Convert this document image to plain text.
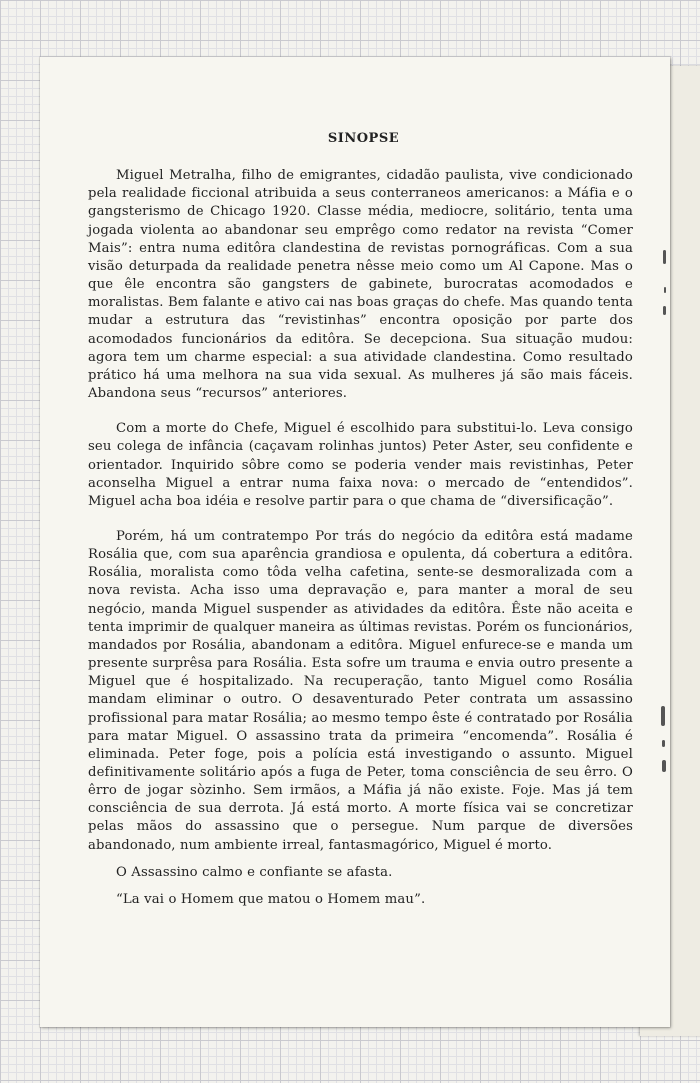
SINOPSE

Miguel Metralha, filho de emigrantes, cidadão paulista, vive condicionado pela realidade ficcional atribuida a seus conterraneos americanos: a Máfia e o gangsterismo de Chicago 1920. Classe média, mediocre, solitário, tenta uma jogada violenta ao abandonar seu emprêgo como redator na revista “Comer Mais”: entra numa editôra clandestina de revistas pornográficas. Com a sua visão deturpada da realidade penetra nêsse meio como um Al Capone. Mas o que êle encontra são gangsters de gabinete, burocratas acomodados e moralistas. Bem falante e ativo cai nas boas graças do chefe. Mas quando tenta mudar a estrutura das “revistinhas” encontra oposição por parte dos acomodados funcionários da editôra. Se decepciona. Sua situação mudou: agora tem um charme especial: a sua atividade clandestina. Como resultado prático há uma melhora na sua vida sexual. As mulheres já são mais fáceis. Abandona seus “recursos” anteriores.

Com a morte do Chefe, Miguel é escolhido para substitui-lo. Leva consigo seu colega de infância (caçavam rolinhas juntos) Peter Aster, seu confidente e orientador. Inquirido sôbre como se poderia vender mais revistinhas, Peter aconselha Miguel a entrar numa faixa nova: o mercado de “entendidos”. Miguel acha boa idéia e resolve partir para o que chama de “diversificação”.

Porém, há um contratempo Por trás do negócio da editôra está madame Rosália que, com sua aparência grandiosa e opulenta, dá cobertura a editôra. Rosália, moralista como tôda velha cafetina, sente-se desmoralizada com a nova revista. Acha isso uma depravação e, para manter a moral de seu negócio, manda Miguel suspender as atividades da editôra. Êste não aceita e tenta imprimir de qualquer maneira as últimas revistas. Porém os funcionários, mandados por Rosália, abandonam a editôra. Miguel enfurece-se e manda um presente surprêsa para Rosália. Esta sofre um trauma e envia outro presente a Miguel que é hospitalizado. Na recuperação, tanto Miguel como Rosália mandam eliminar o outro. O desaventurado Peter contrata um assassino profissional para matar Rosália; ao mesmo tempo êste é contratado por Rosália para matar Miguel. O assassino trata da primeira “encomenda”. Rosália é eliminada. Peter foge, pois a polícia está investigando o assunto. Miguel definitivamente solitário após a fuga de Peter, toma consciência de seu êrro. O êrro de jogar sòzinho. Sem irmãos, a Máfia já não existe. Foje. Mas já tem consciência de sua derrota. Já está morto. A morte física vai se concretizar pelas mãos do assassino que o persegue. Num parque de diversões abandonado, num ambiente irreal, fantasmagórico, Miguel é morto.

O Assassino calmo e confiante se afasta.

“La vai o Homem que matou o Homem mau”.
